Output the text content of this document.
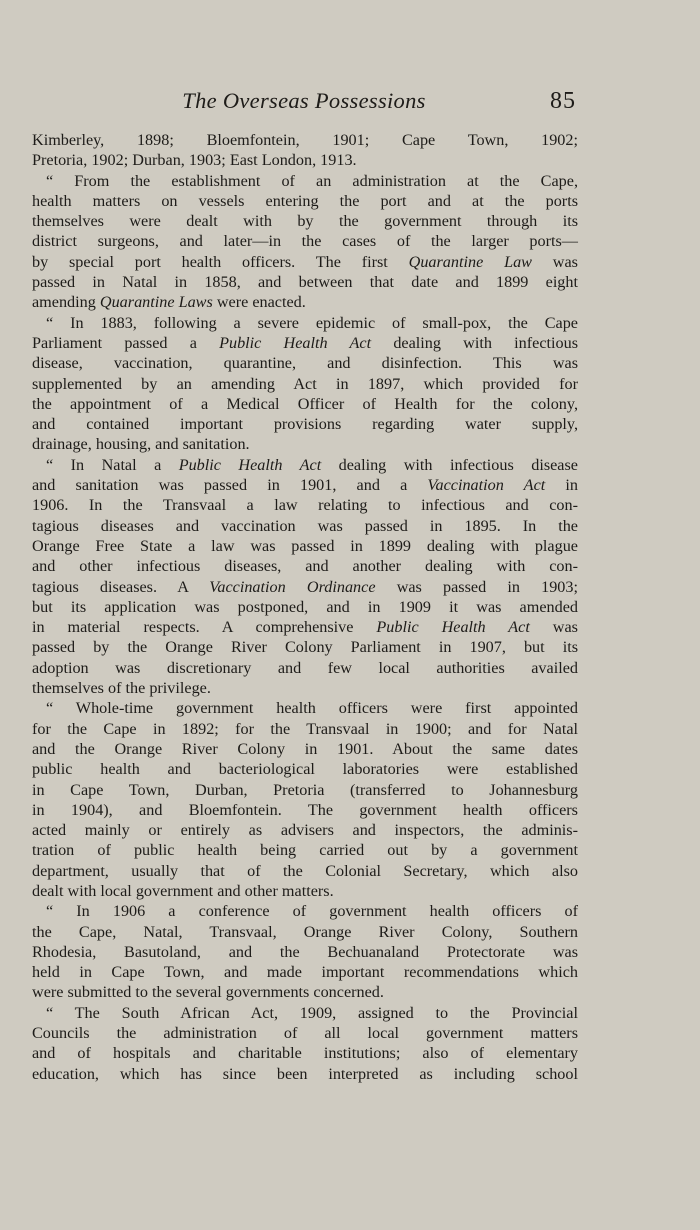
The Overseas Possessions	85
Kimberley, 1898; Bloemfontein, 1901; Cape Town, 1902;
Pretoria, 1902; Durban, 1903; East London, 1913.
“ From the establishment of an administration at the Cape,
health matters on vessels entering the port and at the ports
themselves were dealt with by the government through its
district surgeons, and later—in the cases of the larger ports—
by special port health officers. The first Quarantine Law was
passed in Natal in 1858, and between that date and 1899 eight
amending Quarantine Laws were enacted.
“ In 1883, following a severe epidemic of small-pox, the Cape
Parliament passed a Public Health Act dealing with infectious
disease, vaccination, quarantine, and disinfection. This was
supplemented by an amending Act in 1897, which provided for
the appointment of a Medical Officer of Health for the colony,
and contained important provisions regarding water supply,
drainage, housing, and sanitation.
“ In Natal a Public Health Act dealing with infectious disease
and sanitation was passed in 1901, and a Vaccination Act in
1906. In the Transvaal a law relating to infectious and con-
tagious diseases and vaccination was passed in 1895. In the
Orange Free State a law was passed in 1899 dealing with plague
and other infectious diseases, and another dealing with con-
tagious diseases. A Vaccination Ordinance was passed in 1903;
but its application was postponed, and in 1909 it was amended
in material respects. A comprehensive Public Health Act was
passed by the Orange River Colony Parliament in 1907, but its
adoption was discretionary and few local authorities availed
themselves of the privilege.
“ Whole-time government health officers were first appointed
for the Cape in 1892; for the Transvaal in 1900; and for Natal
and the Orange River Colony in 1901. About the same dates
public health and bacteriological laboratories were established
in Cape Town, Durban, Pretoria (transferred to Johannesburg
in 1904), and Bloemfontein. The government health officers
acted mainly or entirely as advisers and inspectors, the adminis-
tration of public health being carried out by a government
department, usually that of the Colonial Secretary, which also
dealt with local government and other matters.
“ In 1906 a conference of government health officers of
the Cape, Natal, Transvaal, Orange River Colony, Southern
Rhodesia, Basutoland, and the Bechuanaland Protectorate was
held in Cape Town, and made important recommendations which
were submitted to the several governments concerned.
“ The South African Act, 1909, assigned to the Provincial
Councils the administration of all local government matters
and of hospitals and charitable institutions; also of elementary
education, which has since been interpreted as including school
